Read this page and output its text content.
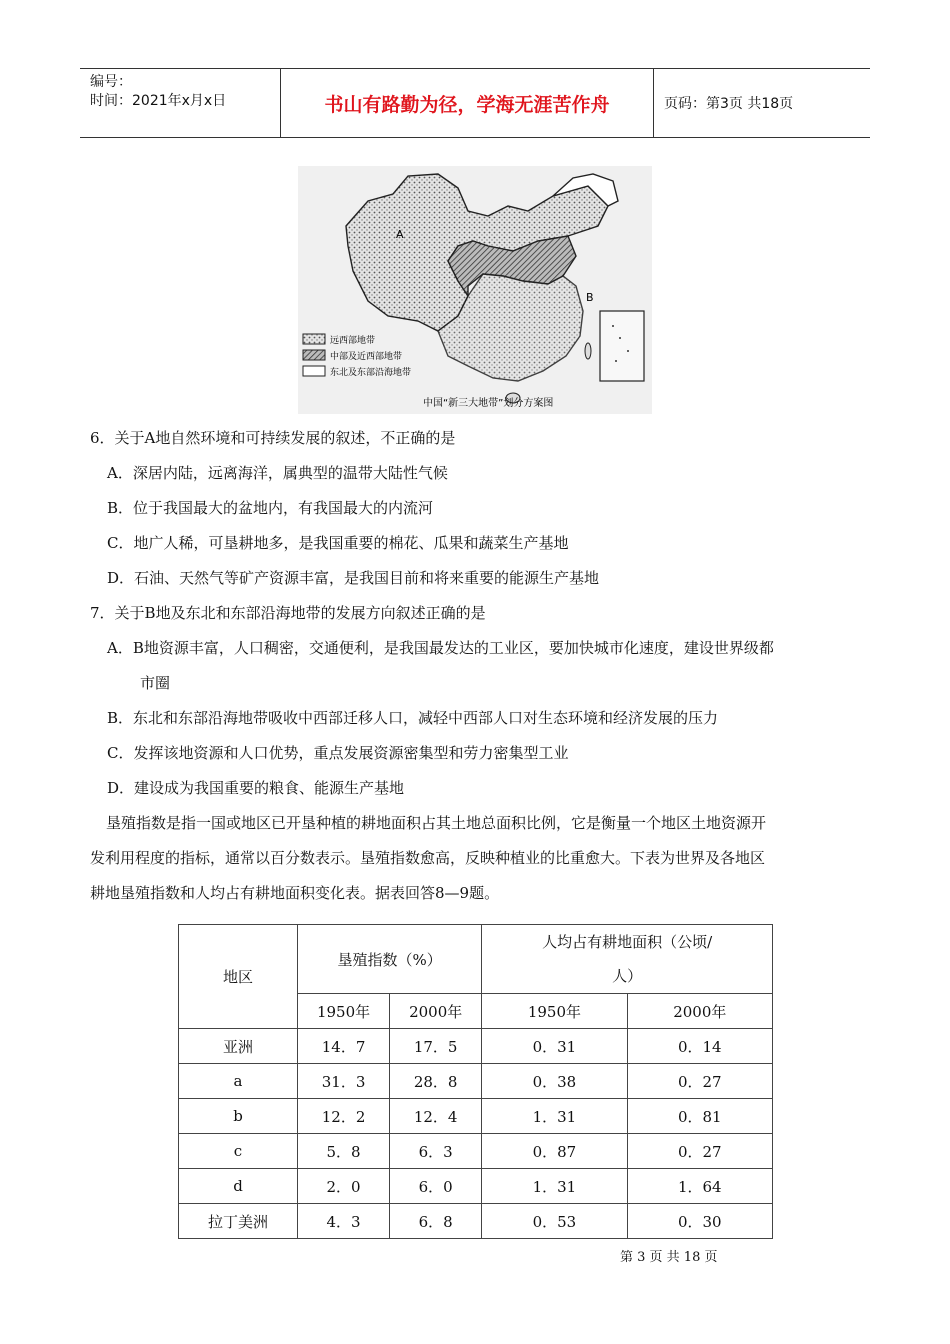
编号：
时间：2021年x月x日	书山有路勤为径，学海无涯苦作舟	页码：第3页 共18页
A
B
远西部地带
中部及近西部地带
东北及东部沿海地带
中国“新三大地带”划分方案图
6．关于A地自然环境和可持续发展的叙述，不正确的是
A．深居内陆，远离海洋，属典型的温带大陆性气候
B．位于我国最大的盆地内，有我国最大的内流河
C．地广人稀，可垦耕地多，是我国重要的棉花、瓜果和蔬菜生产基地
D．石油、天然气等矿产资源丰富，是我国目前和将来重要的能源生产基地
7．关于B地及东北和东部沿海地带的发展方向叙述正确的是
A．B地资源丰富，人口稠密，交通便利，是我国最发达的工业区，要加快城市化速度，建设世界级都
市圈
B．东北和东部沿海地带吸收中西部迁移人口，减轻中西部人口对生态环境和经济发展的压力
C．发挥该地资源和人口优势，重点发展资源密集型和劳力密集型工业
D．建设成为我国重要的粮食、能源生产基地
垦殖指数是指一国或地区已开垦种植的耕地面积占其土地总面积比例，它是衡量一个地区土地资源开
发利用程度的指标，通常以百分数表示。垦殖指数愈高，反映种植业的比重愈大。下表为世界及各地区
耕地垦殖指数和人均占有耕地面积变化表。据表回答8—9题。
地区	垦殖指数（%）		人均占有耕地面积（公顷/
人）	

	1950年	2000年	1950年	2000年
亚洲	14．7	17．5	0．31	0．14
a	31．3	28．8	0．38	0．27
b	12．2	12．4	1．31	0．81
c	5．8	6．3	0．87	0．27
d	2．0	6．0	1．31	1．64
拉丁美洲	4．3	6．8	0．53	0．30
第 3 页 共 18 页
